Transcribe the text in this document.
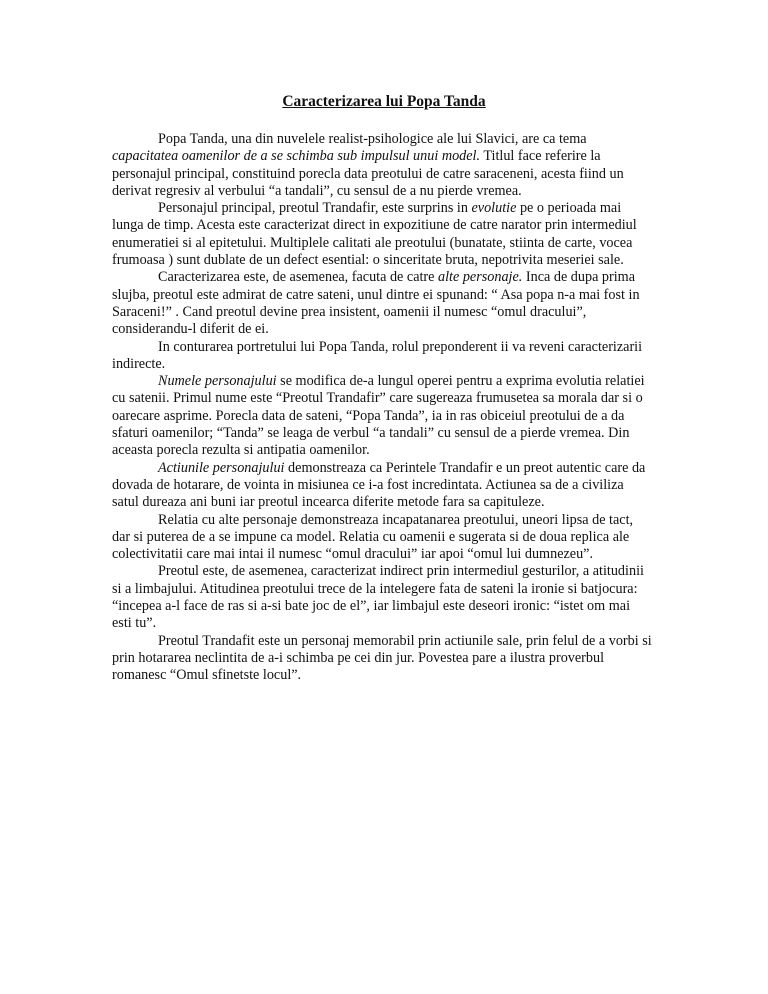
Caracterizarea lui Popa Tanda

Popa Tanda, una din nuvelele realist-psihologice ale lui Slavici, are ca tema capacitatea oamenilor de a se schimba sub impulsul unui model. Titlul face referire la personajul principal, constituind porecla data preotului de catre saraceneni, acesta fiind un derivat regresiv al verbului “a tandali”, cu sensul de a nu pierde vremea.

Personajul principal, preotul Trandafir, este surprins in evolutie pe o perioada mai lunga de timp. Acesta este caracterizat direct in expozitiune de catre narator prin intermediul enumeratiei si al epitetului. Multiplele calitati ale preotului (bunatate, stiinta de carte, vocea frumoasa ) sunt dublate de un defect esential: o sinceritate bruta, nepotrivita meseriei sale.

Caracterizarea este, de asemenea, facuta de catre alte personaje. Inca de dupa prima slujba, preotul este admirat de catre sateni, unul dintre ei spunand: “ Asa popa n-a mai fost in Saraceni!” . Cand preotul devine prea insistent, oamenii il numesc “omul dracului”, considerandu-l diferit de ei.

In conturarea portretului lui Popa Tanda, rolul preponderent ii va reveni caracterizarii indirecte.

Numele personajului se modifica de-a lungul operei pentru a exprima evolutia relatiei cu satenii. Primul nume este “Preotul Trandafir” care sugereaza frumusetea sa morala dar si o oarecare asprime. Porecla data de sateni, “Popa Tanda”, ia in ras obiceiul preotului de a da sfaturi oamenilor; “Tanda” se leaga de verbul “a tandali” cu sensul de a pierde vremea. Din aceasta porecla rezulta si antipatia oamenilor.

Actiunile personajului demonstreaza ca Perintele Trandafir e un preot autentic care da dovada de hotarare, de vointa in misiunea ce i-a fost incredintata. Actiunea sa de a civiliza satul dureaza ani buni iar preotul incearca diferite metode fara sa capituleze.

Relatia cu alte personaje demonstreaza incapatanarea preotului, uneori lipsa de tact, dar si puterea de a se impune ca model. Relatia cu oamenii e sugerata si de doua replica ale colectivitatii care mai intai il numesc “omul dracului” iar apoi “omul lui dumnezeu”.

Preotul este, de asemenea, caracterizat indirect prin intermediul gesturilor, a atitudinii si a limbajului. Atitudinea preotului trece de la intelegere fata de sateni la ironie si batjocura: “incepea a-l face de ras si a-si bate joc de el”, iar limbajul este deseori ironic: “istet om mai esti tu”.

Preotul Trandafit este un personaj memorabil prin actiunile sale, prin felul de a vorbi si prin hotararea neclintita de a-i schimba pe cei din jur. Povestea pare a ilustra proverbul romanesc “Omul sfinetste locul”.
